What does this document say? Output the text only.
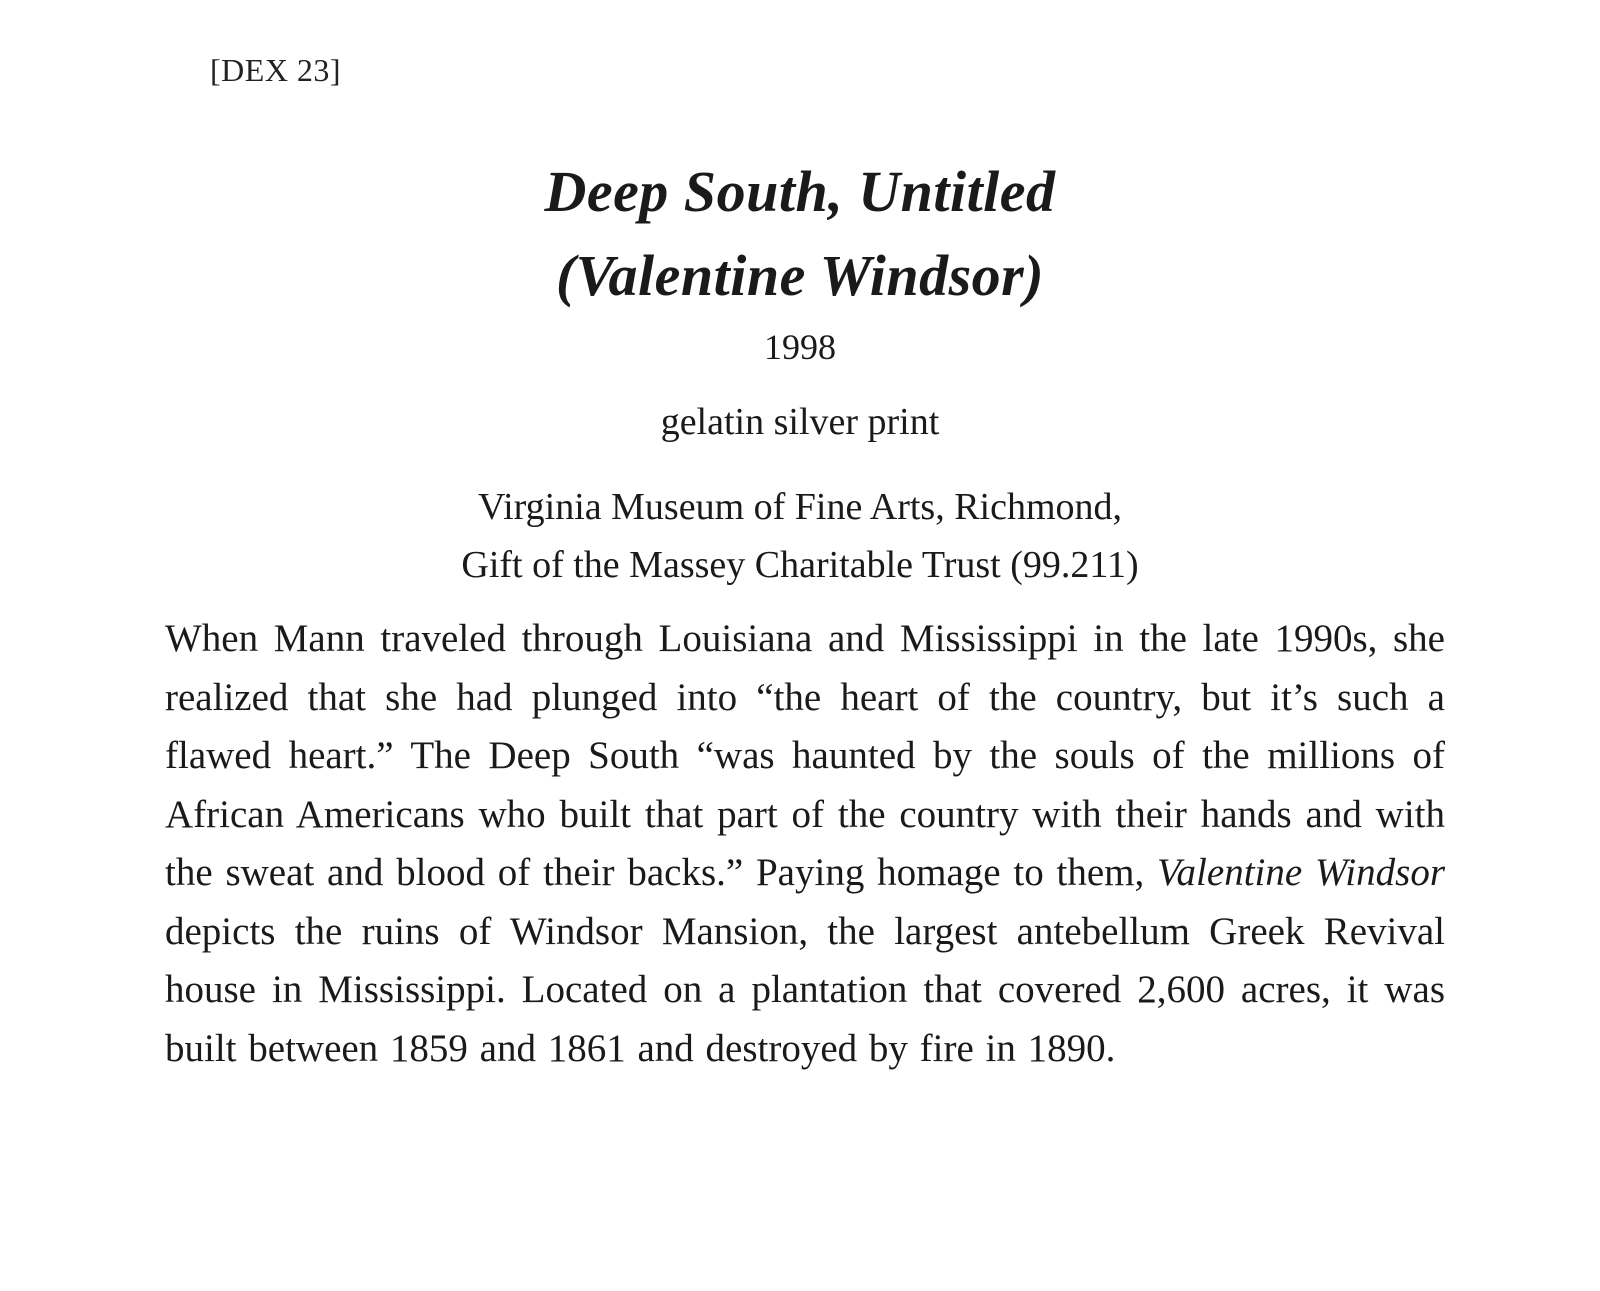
[DEX 23]
Deep South, Untitled
(Valentine Windsor)
1998
gelatin silver print
Virginia Museum of Fine Arts, Richmond,
Gift of the Massey Charitable Trust (99.211)

When Mann traveled through Louisiana and Mississippi in the late 1990s, she realized that she had plunged into “the heart of the country, but it’s such a flawed heart.” The Deep South “was haunted by the souls of the millions of African Americans who built that part of the country with their hands and with the sweat and blood of their backs.” Paying homage to them, Valentine Windsor depicts the ruins of Windsor Mansion, the largest antebellum Greek Revival house in Mississippi. Located on a plantation that covered 2,600 acres, it was built between 1859 and 1861 and destroyed by fire in 1890.
